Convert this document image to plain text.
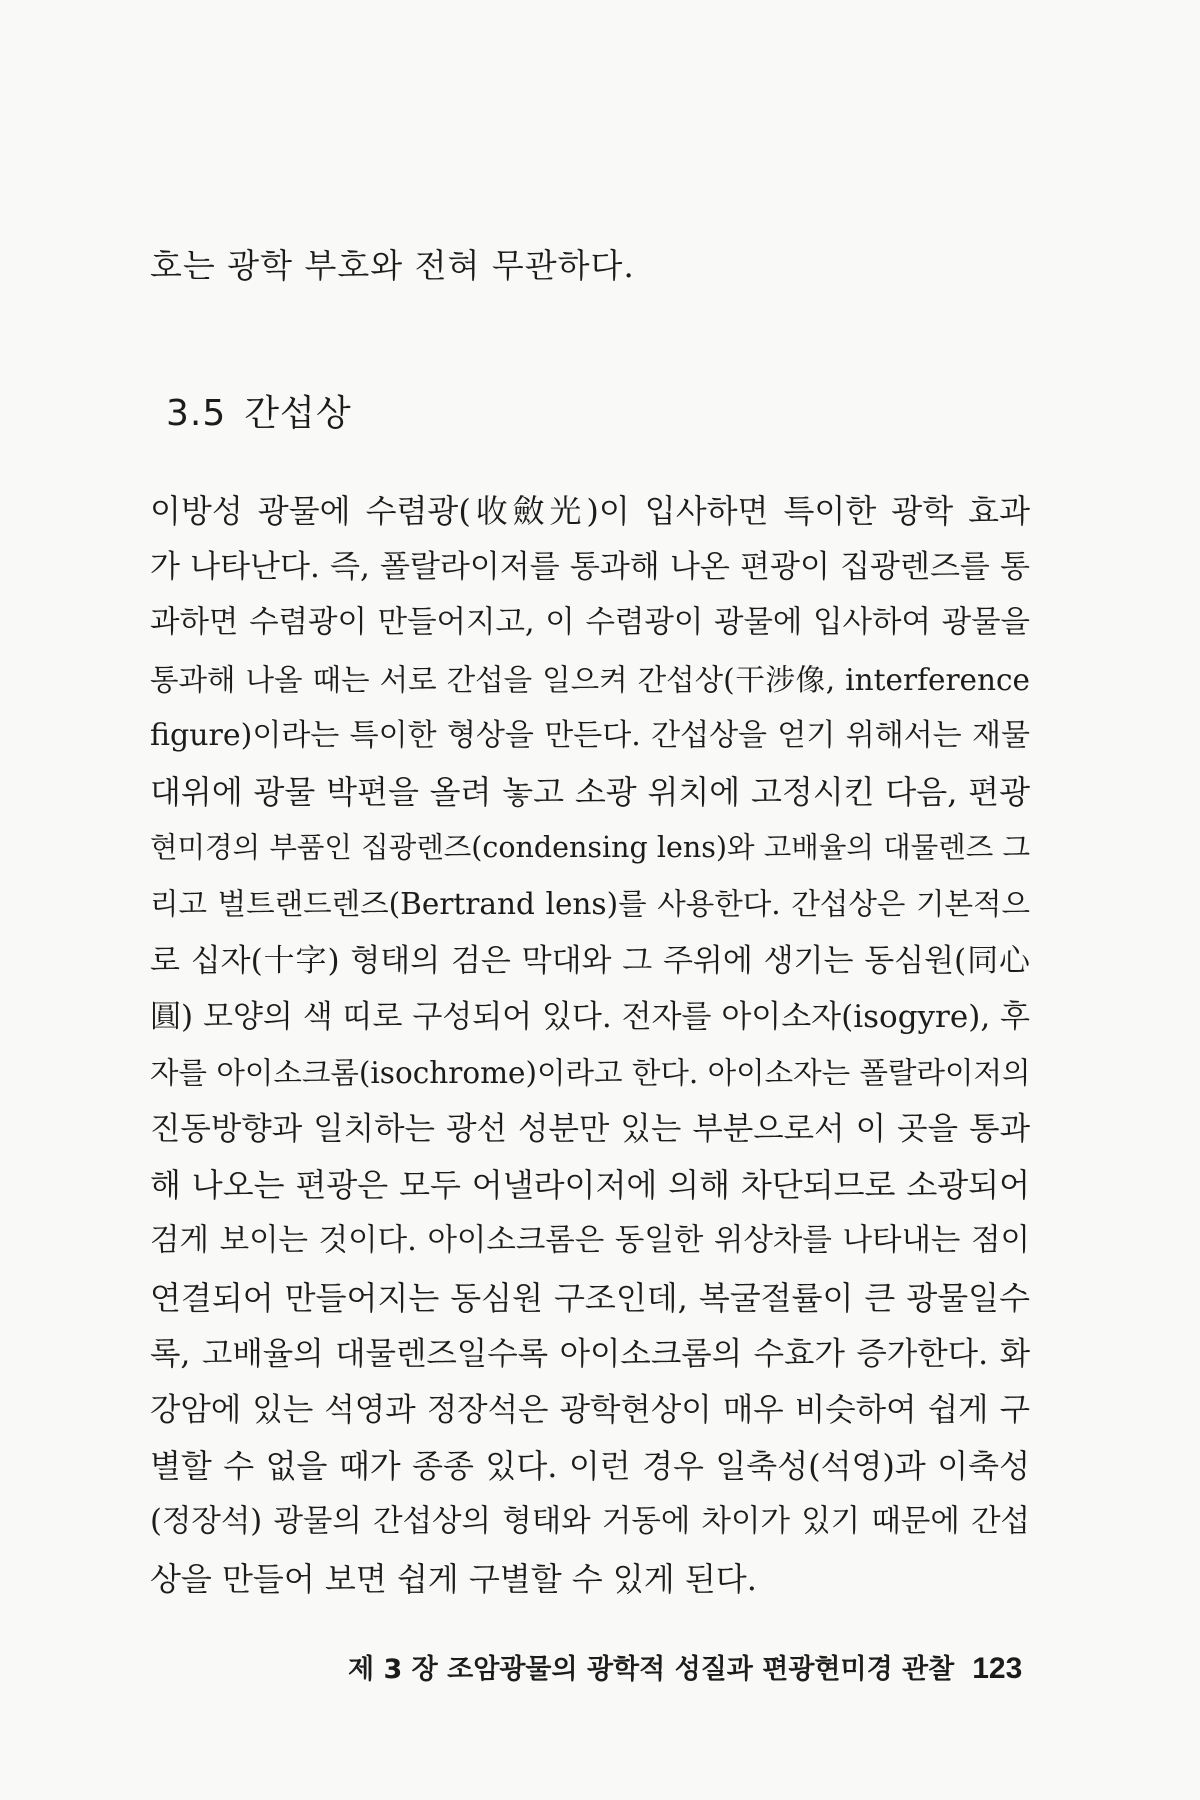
호는 광학 부호와 전혀 무관하다.

3.5 간섭상
이방성 광물에 수렴광(收斂光)이 입사하면 특이한 광학 효과
가 나타난다. 즉, 폴랄라이저를 통과해 나온 편광이 집광렌즈를 통
과하면 수렴광이 만들어지고, 이 수렴광이 광물에 입사하여 광물을
통과해 나올 때는 서로 간섭을 일으켜 간섭상(干涉像, interference
figure)이라는 특이한 형상을 만든다. 간섭상을 얻기 위해서는 재물
대위에 광물 박편을 올려 놓고 소광 위치에 고정시킨 다음, 편광
현미경의 부품인 집광렌즈(condensing lens)와 고배율의 대물렌즈 그
리고 벌트랜드렌즈(Bertrand lens)를 사용한다. 간섭상은 기본적으
로 십자(十字) 형태의 검은 막대와 그 주위에 생기는 동심원(同心
圓) 모양의 색 띠로 구성되어 있다. 전자를 아이소자(isogyre), 후
자를 아이소크롬(isochrome)이라고 한다. 아이소자는 폴랄라이저의
진동방향과 일치하는 광선 성분만 있는 부분으로서 이 곳을 통과
해 나오는 편광은 모두 어낼라이저에 의해 차단되므로 소광되어
검게 보이는 것이다. 아이소크롬은 동일한 위상차를 나타내는 점이
연결되어 만들어지는 동심원 구조인데, 복굴절률이 큰 광물일수
록, 고배율의 대물렌즈일수록 아이소크롬의 수효가 증가한다. 화
강암에 있는 석영과 정장석은 광학현상이 매우 비슷하여 쉽게 구
별할 수 없을 때가 종종 있다. 이런 경우 일축성(석영)과 이축성
(정장석) 광물의 간섭상의 형태와 거동에 차이가 있기 때문에 간섭
상을 만들어 보면 쉽게 구별할 수 있게 된다.
제 3 장 조암광물의 광학적 성질과 편광현미경 관찰 123
